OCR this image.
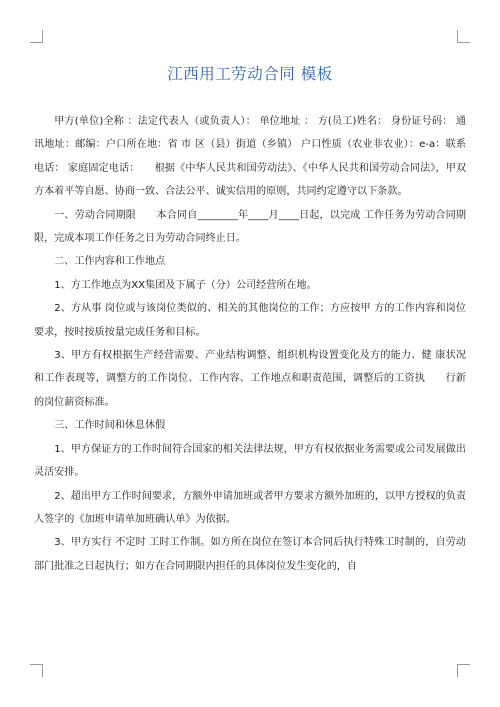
江西用工劳动合同 模板

甲方(单位)全称 ：法定代表人（或负责人）： 单位地址 ： 方(员工)姓名： 身份证号码： 通讯地址：邮编：户口所在地：省 市 区（县）街道（乡镇） 户口性质（农业非农业）：e-a：联系电话： 家庭固定电话：　　根据《中华人民共和国劳动法》、《中华人民共和国劳动合同法》，甲双方本着平等自愿、协商一致、合法公平、诚实信用的原则，共同约定遵守以下条款。

一、劳动合同期限　　本合同自________年____月____日起，以完成 工作任务为劳动合同期限，完成本项工作任务之日为劳动合同终止日。

二、工作内容和工作地点

1、方工作地点为XX集团及下属子（分）公司经营所在地。

2、方从事 岗位或与该岗位类似的、相关的其他岗位的工作；方应按甲 方的工作内容和岗位要求，按时按质按量完成任务和目标。

3、甲方有权根据生产经营需要、产业结构调整、组织机构设置变化及方的能力、健 康状况和工作表现等，调整方的工作岗位、工作内容、工作地点和职责范围，调整后的工资执　　行新的岗位薪资标准。

三、工作时间和休息休假

1、甲方保证方的工作时间符合国家的相关法律法规，甲方有权依据业务需要或公司发展做出灵活安排。

2、超出甲方工作时间要求，方额外申请加班或者甲方要求方额外加班的，以甲方授权的负责人签字的《加班申请单加班确认单》为依据。

3、甲方实行 不定时 工时工作制。如方所在岗位在签订本合同后执行特殊工时制的，自劳动部门批准之日起执行；如方在合同期限内担任的具体岗位发生变化的，自
